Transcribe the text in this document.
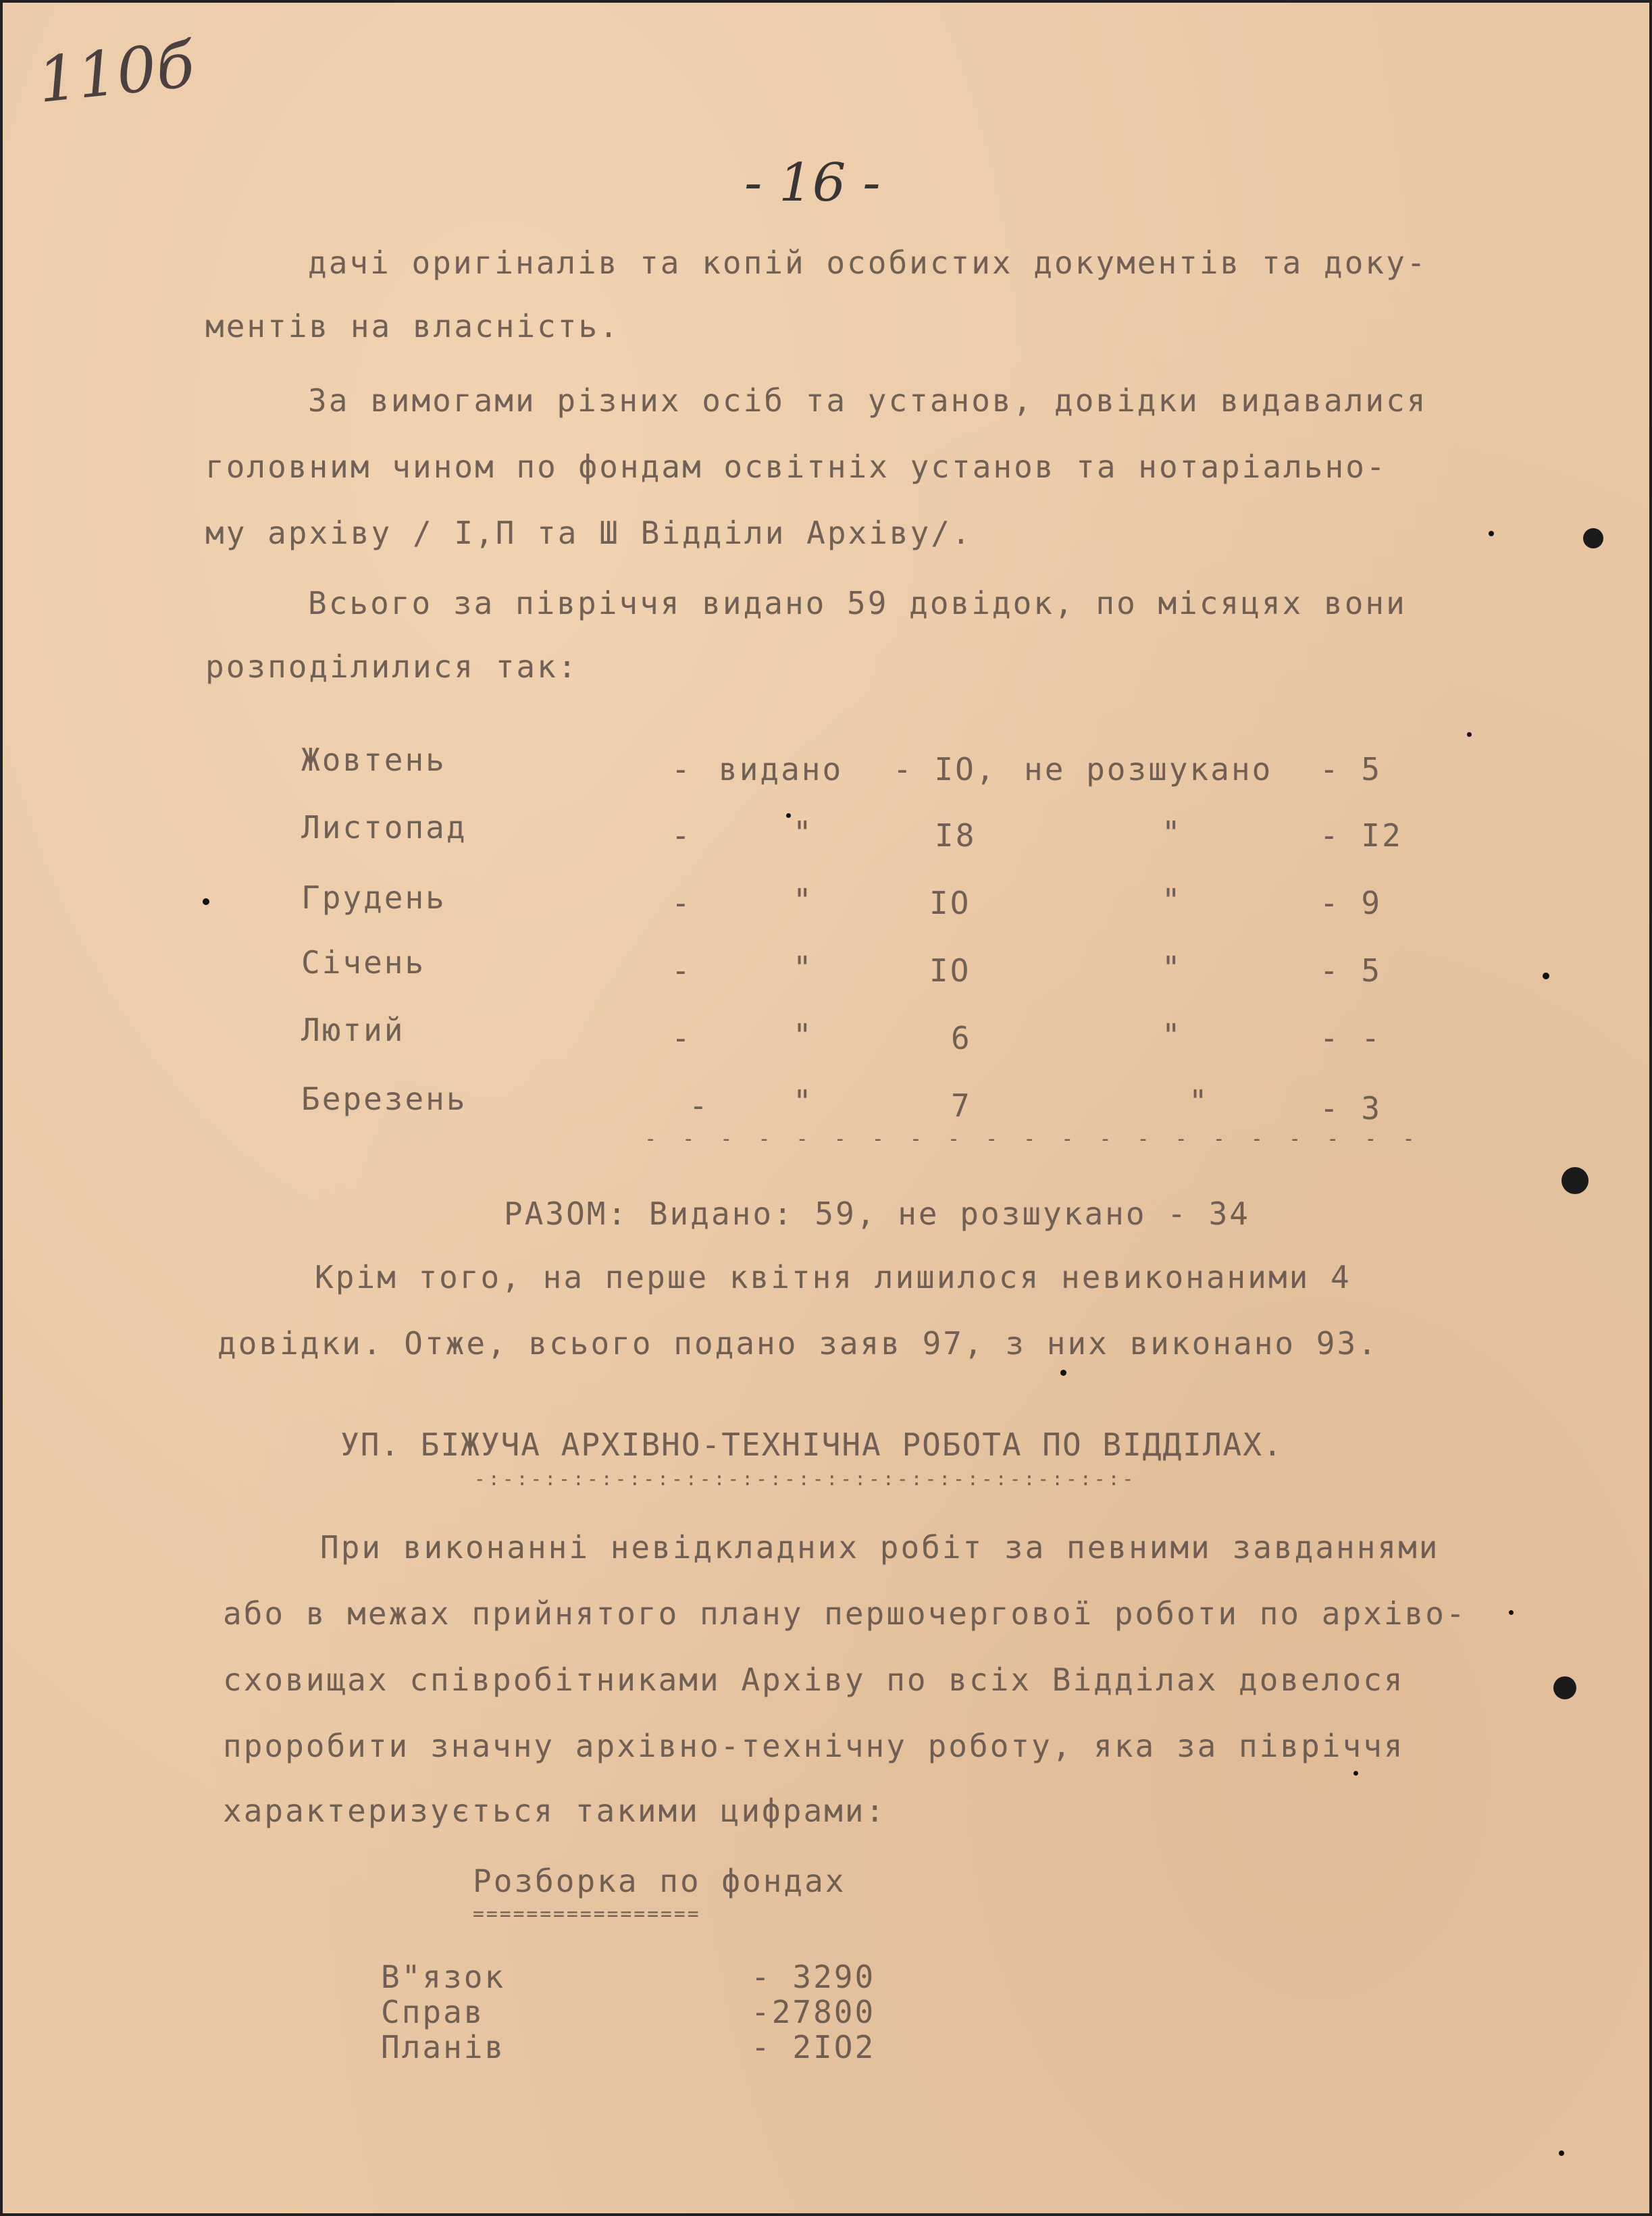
110б
- 16 -
дачі оригіналів та копій особистих документів та доку-
ментів на власність.
За вимогами різних осіб та установ, довідки видавалися
головним чином по фондам освітніх установ та нотаріально-
му архіву / І,П та Ш Відділи Архіву/.
Всього за півріччя видано 59 довідок, по місяцях вони
розподілилися так:
Жовтень	- видано - IO, не розшукано - 5
Листопад	-	"	I8	"	- I2
Грудень	-	"	IO	"	- 9
Січень	-	"	IO	"	- 5
Лютий	-	"	6	"	- -
Березень	-	"	7	"	- 3
- - - - - - - - - - - - - - - - - - - - -
РАЗОМ: Видано: 59, не розшукано - 34
Крім того, на перше квітня лишилося невиконаними 4
довідки. Отже, всього подано заяв 97, з них виконано 93.
УП. БІЖУЧА АРХІВНО-ТЕХНІЧНА РОБОТА ПО ВІДДІЛАХ.
-:-:-:-:-:-:-:-:-:-:-:-:-:-:-:-:-:-:-:-:-:-:-:-
При виконанні невідкладних робіт за певними завданнями
або в межах прийнятого плану першочергової роботи по архіво-
сховищах співробітниками Архіву по всіх Відділах довелося
проробити значну архівно-технічну роботу, яка за півріччя
характеризується такими цифрами:
Розборка по фондах
=================
В"язок	- 3290
Справ	-27800
Планів	- 2IO2
